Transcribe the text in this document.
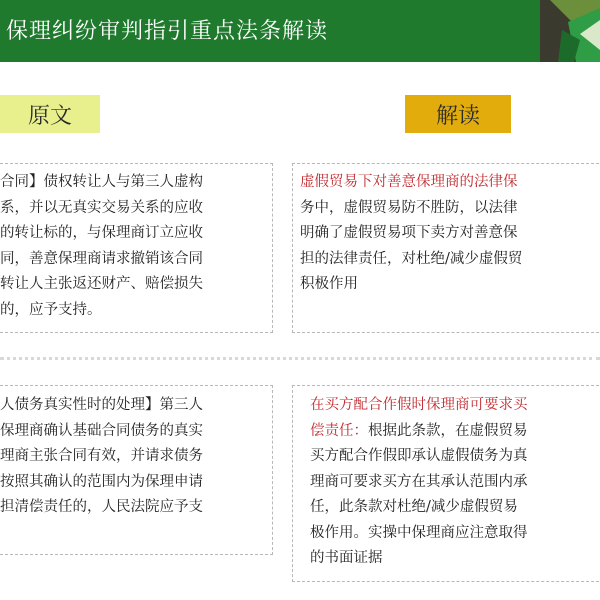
保理纠纷审判指引重点法条解读
原文	解读
合同】债权转让人与第三人虚构
系，并以无真实交易关系的应收
的转让标的，与保理商订立应收
同，善意保理商请求撤销该合同
转让人主张返还财产、赔偿损失
的，应予支持。
虚假贸易下对善意保理商的法律保
务中，虚假贸易防不胜防，以法律
明确了虚假贸易项下卖方对善意保
担的法律责任，对杜绝/减少虚假贸
积极作用
人债务真实性时的处理】第三人
保理商确认基础合同债务的真实
理商主张合同有效，并请求债务
按照其确认的范围内为保理申请
担清偿责任的，人民法院应予支
在买方配合作假时保理商可要求买
偿责任：根据此条款，在虚假贸易
买方配合作假即承认虚假债务为真
理商可要求买方在其承认范围内承
任，此条款对杜绝/减少虚假贸易
极作用。实操中保理商应注意取得
的书面证据
